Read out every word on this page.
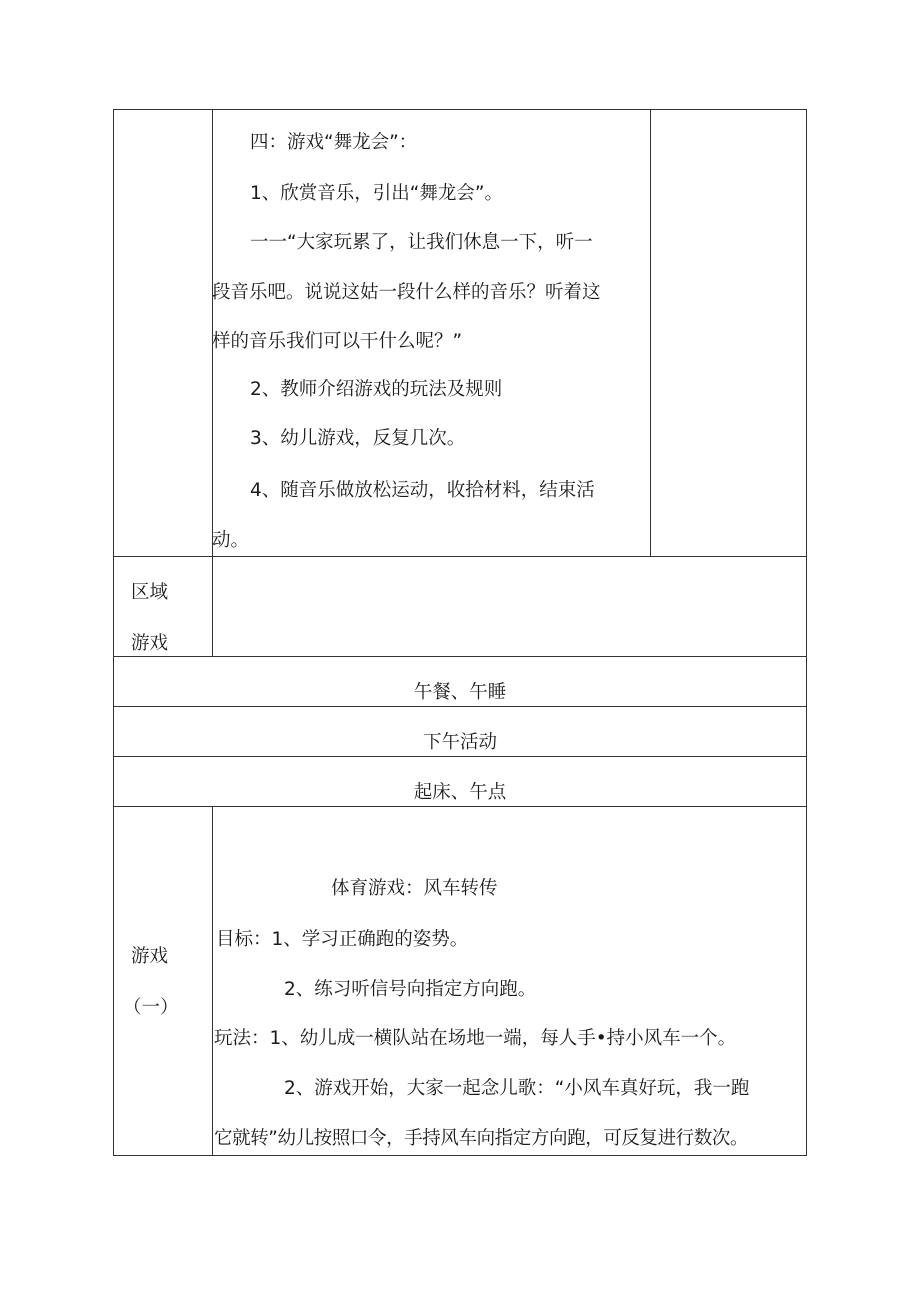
四：游戏“舞龙会”：
1、欣赏音乐，引出“舞龙会”。
一一“大家玩累了，让我们休息一下，听一
段音乐吧。说说这姑一段什么样的音乐？听着这
样的音乐我们可以干什么呢？”
2、教师介绍游戏的玩法及规则
3、幼儿游戏，反复几次。
4、随音乐做放松运动，收拾材料，结束活
动。
区域
游戏
午餐、午睡
下午活动
起床、午点
游戏
（一）
体育游戏：风车转传
目标：1、学习正确跑的姿势。
2、练习听信号向指定方向跑。
玩法：1、幼儿成一横队站在场地一端，每人手•持小风车一个。
2、游戏开始，大家一起念儿歌：“小风车真好玩，我一跑
它就转”幼儿按照口令，手持风车向指定方向跑，可反复进行数次。
